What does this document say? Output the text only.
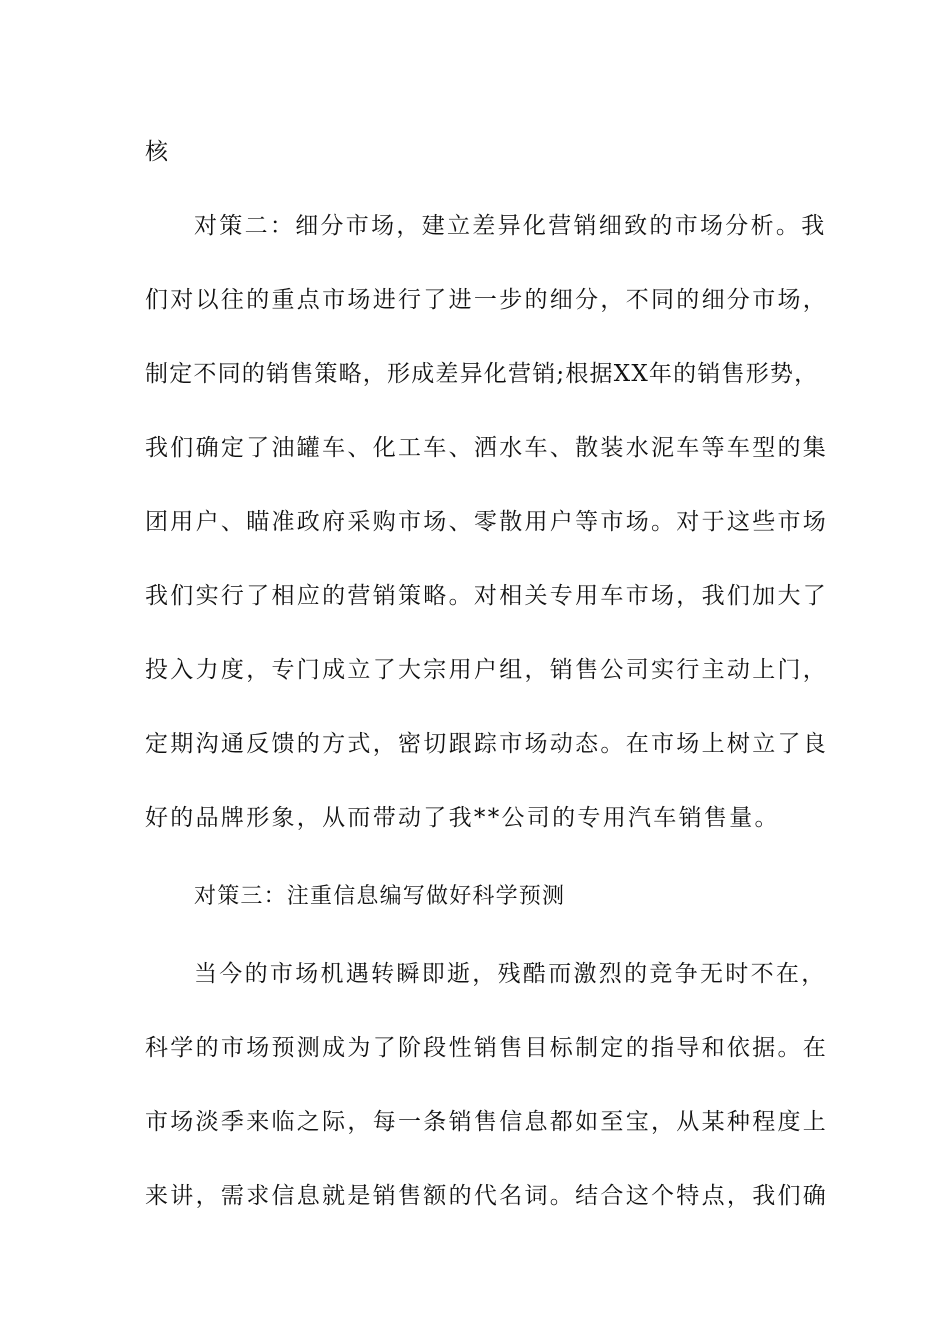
核
对策二：细分市场，建立差异化营销细致的市场分析。我
们对以往的重点市场进行了进一步的细分，不同的细分市场，
制定不同的销售策略，形成差异化营销;根据XX年的销售形势，
我们确定了油罐车、化工车、洒水车、散装水泥车等车型的集
团用户、瞄准政府采购市场、零散用户等市场。对于这些市场
我们实行了相应的营销策略。对相关专用车市场，我们加大了
投入力度，专门成立了大宗用户组，销售公司实行主动上门，
定期沟通反馈的方式，密切跟踪市场动态。在市场上树立了良
好的品牌形象，从而带动了我**公司的专用汽车销售量。
对策三：注重信息编写做好科学预测
当今的市场机遇转瞬即逝，残酷而激烈的竞争无时不在，
科学的市场预测成为了阶段性销售目标制定的指导和依据。在
市场淡季来临之际，每一条销售信息都如至宝，从某种程度上
来讲，需求信息就是销售额的代名词。结合这个特点，我们确
